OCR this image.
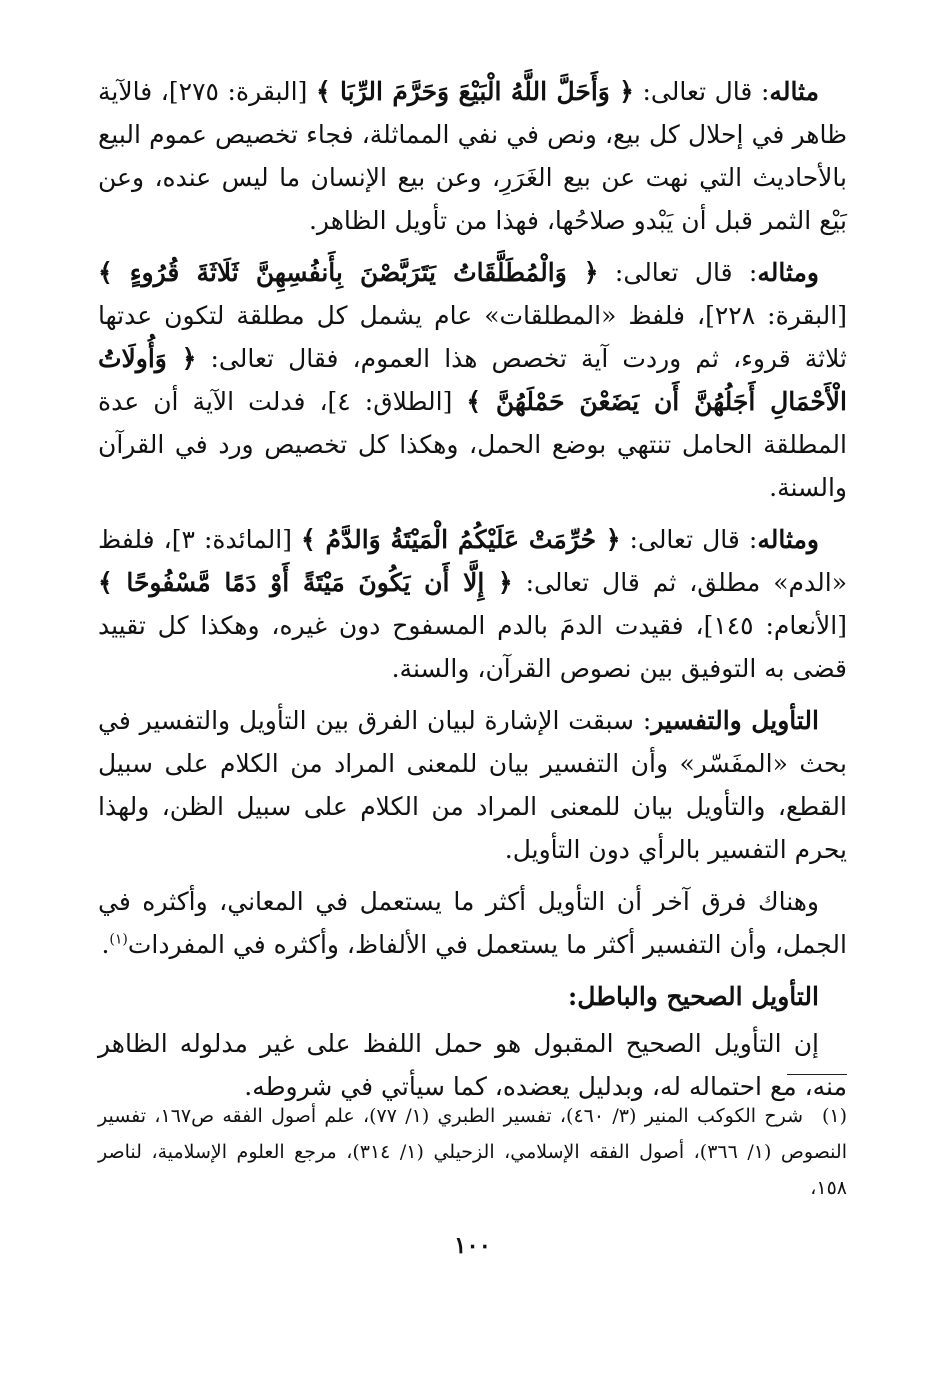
مثاله: قال تعالى: ﴿ وَأَحَلَّ اللَّهُ الْبَيْعَ وَحَرَّمَ الرِّبَا ﴾ [البقرة: ٢٧٥]، فالآية ظاهر في إحلال كل بيع، ونص في نفي المماثلة، فجاء تخصيص عموم البيع بالأحاديث التي نهت عن بيع الغَرَرِ، وعن بيع الإنسان ما ليس عنده، وعن بَيْع الثمر قبل أن يَبْدو صلاحُها، فهذا من تأويل الظاهر.

ومثاله: قال تعالى: ﴿ وَالْمُطَلَّقَاتُ يَتَرَبَّصْنَ بِأَنفُسِهِنَّ ثَلَاثَةَ قُرُوءٍ ﴾ [البقرة: ٢٢٨]، فلفظ «المطلقات» عام يشمل كل مطلقة لتكون عدتها ثلاثة قروء، ثم وردت آية تخصص هذا العموم، فقال تعالى: ﴿ وَأُولَاتُ الْأَحْمَالِ أَجَلُهُنَّ أَن يَضَعْنَ حَمْلَهُنَّ ﴾ [الطلاق: ٤]، فدلت الآية أن عدة المطلقة الحامل تنتهي بوضع الحمل، وهكذا كل تخصيص ورد في القرآن والسنة.

ومثاله: قال تعالى: ﴿ حُرِّمَتْ عَلَيْكُمُ الْمَيْتَةُ وَالدَّمُ ﴾ [المائدة: ٣]، فلفظ «الدم» مطلق، ثم قال تعالى: ﴿ إِلَّا أَن يَكُونَ مَيْتَةً أَوْ دَمًا مَّسْفُوحًا ﴾ [الأنعام: ١٤٥]، فقيدت الدمَ بالدم المسفوح دون غيره، وهكذا كل تقييد قضى به التوفيق بين نصوص القرآن، والسنة.

التأويل والتفسير: سبقت الإشارة لبيان الفرق بين التأويل والتفسير في بحث «المفَسّر» وأن التفسير بيان للمعنى المراد من الكلام على سبيل القطع، والتأويل بيان للمعنى المراد من الكلام على سبيل الظن، ولهذا يحرم التفسير بالرأي دون التأويل.

وهناك فرق آخر أن التأويل أكثر ما يستعمل في المعاني، وأكثره في الجمل، وأن التفسير أكثر ما يستعمل في الألفاظ، وأكثره في المفردات$^{(١)}$.

التأويل الصحيح والباطل:

إن التأويل الصحيح المقبول هو حمل اللفظ على غير مدلوله الظاهر منه، مع احتماله له، وبدليل يعضده، كما سيأتي في شروطه.

(١)شرح الكوكب المنير (٣/ ٤٦٠)، تفسير الطبري (١/ ٧٧)، علم أصول الفقه ص١٦٧، تفسير النصوص (١/ ٣٦٦)، أصول الفقه الإسلامي، الزحيلي (١/ ٣١٤)، مرجع العلوم الإسلامية، لناصر ١٥٨،
١٠٠
